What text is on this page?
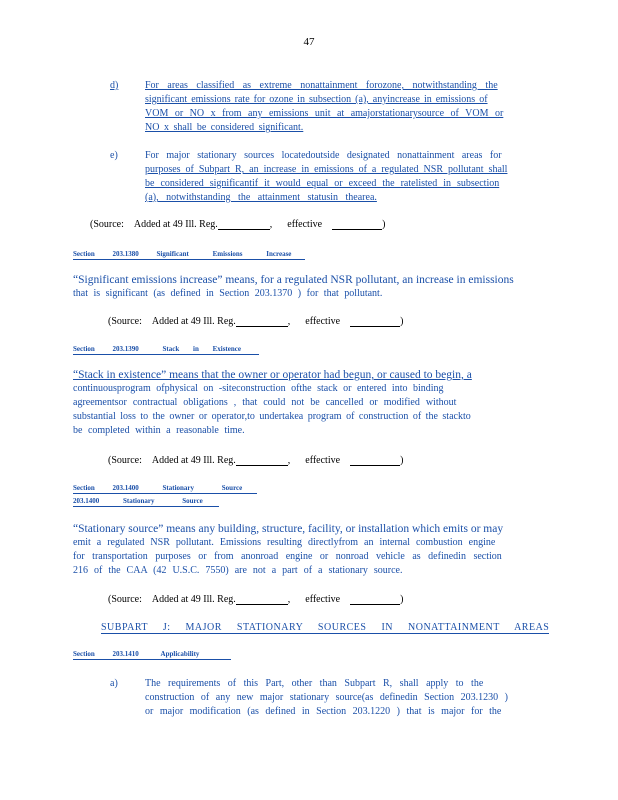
47
d)	For areas classified as extreme nonattainment forozone, notwithstanding the
significant emissions rate for ozone in subsection (a), anyincrease in emissions of
VOM or NO x from any emissions unit at amajorstationarysource of VOM or
NO x shall be considered significant.
e)	For major stationary sources locatedoutside designated nonattainment areas for
purposes of Subpart R, an increase in emissions of a regulated NSR pollutant shall
be considered significantif it would equal or exceed the ratelisted in subsection
(a), notwithstanding the attainment statusin thearea.
(Source: Added at 49 Ill. Reg.	,      effective	)
Section	203.1380	Significant Emissions Increase
“Significant emissions increase” means, for a regulated NSR pollutant, an increase in emissions
that is significant (as defined in Section 203.1370 ) for that pollutant.
(Source: Added at 49 Ill. Reg.	,      effective	)
Section	203.1390	Stack in Existence
“Stack in existence” means that the owner or operator had begun, or caused to begin, a
continuousprogram ofphysical on -siteconstruction ofthe stack or entered into binding
agreementsor contractual obligations , that could not be cancelled or modified without
substantial loss to the owner or operator,to undertakea program of construction of the stackto
be completed within a reasonable time.
(Source: Added at 49 Ill. Reg.	,      effective	)
Section	203.1400	Stationary Source
203.1400	Stationary Source
“Stationary source” means any building, structure, facility, or installation which emits or may
emit a regulated NSR pollutant. Emissions resulting directlyfrom an internal combustion engine
for transportation purposes or from anonroad engine or nonroad vehicle as definedin section
216 of the CAA (42 U.S.C. 7550) are not a part of a stationary source.
(Source: Added at 49 Ill. Reg.	,      effective	)
SUBPART J: MAJOR STATIONARY SOURCES IN NONATTAINMENT AREAS
Section	203.1410	Applicability
a)	The requirements of this Part, other than Subpart R, shall apply to the
construction of any new major stationary source(as definedin Section 203.1230 )
or major modification (as defined in Section 203.1220 ) that is major for the
